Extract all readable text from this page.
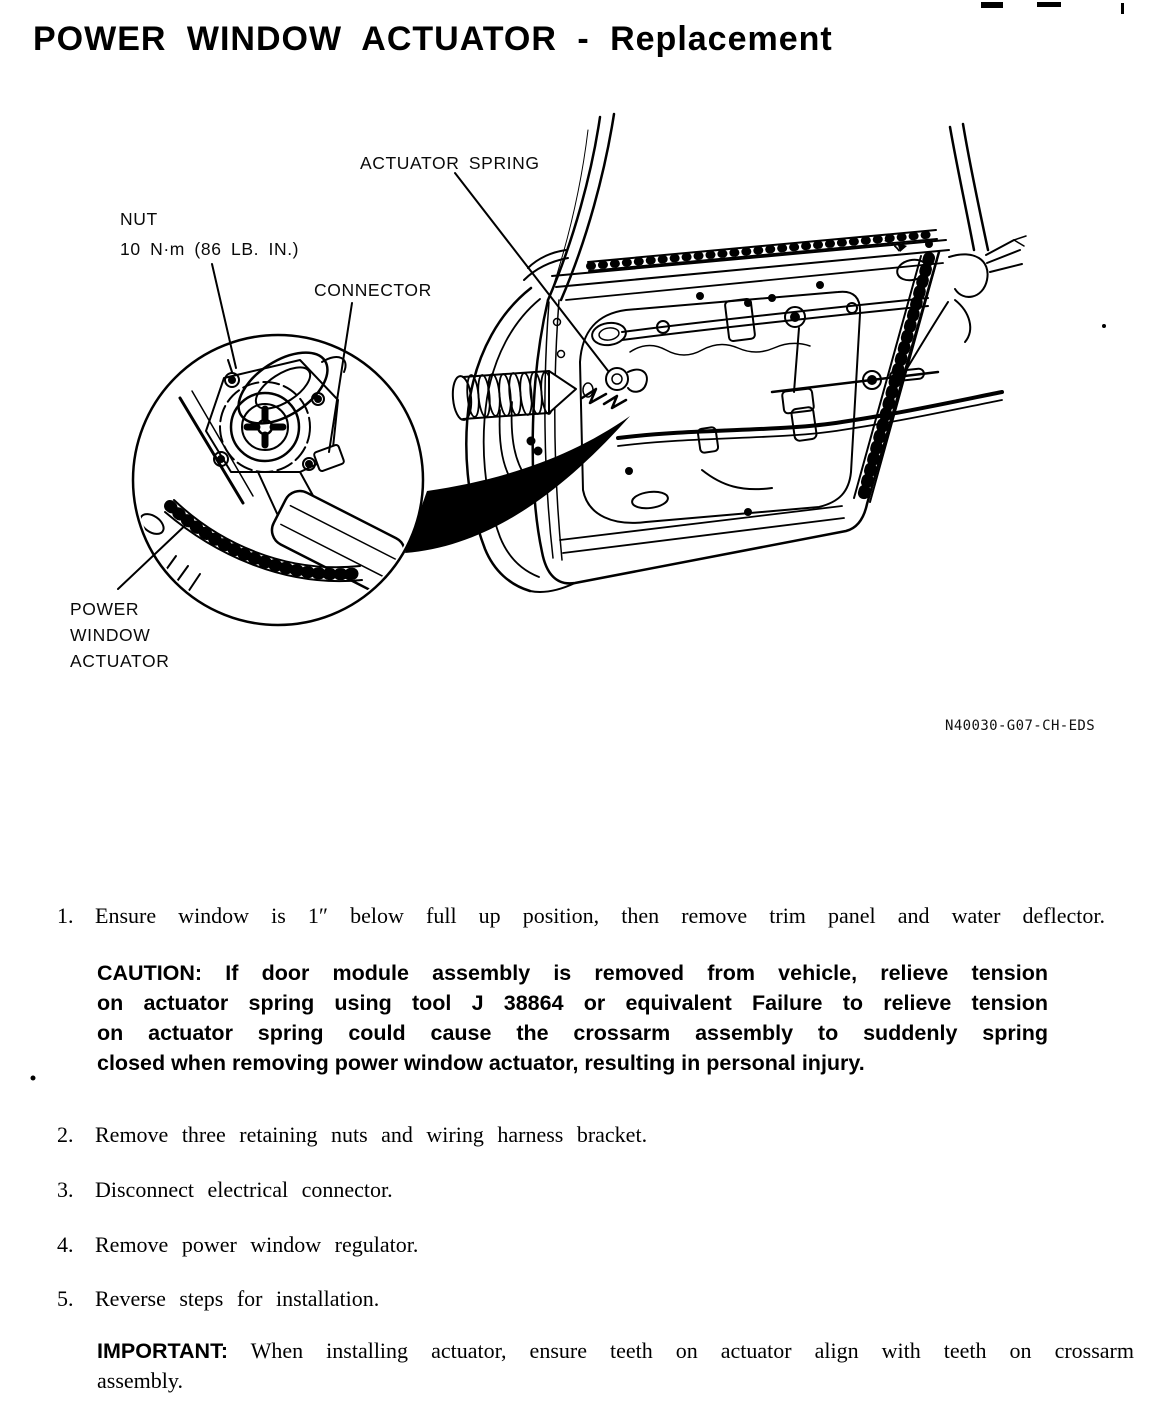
POWER WINDOW ACTUATOR - Replacement
ACTUATOR SPRING
NUT
10 N·m (86 LB. IN.)
CONNECTOR
POWER
WINDOW
ACTUATOR
N40030-G07-CH-EDS
1. Ensure window is 1″ below full up position, then remove trim panel and water deflector.
CAUTION: If door module assembly is removed from vehicle, relieve tension
on actuator spring using tool J 38864 or equivalent Failure to relieve tension
on actuator spring could cause the crossarm assembly to suddenly spring
closed when removing power window actuator, resulting in personal injury.
2. Remove three retaining nuts and wiring harness bracket.
3. Disconnect electrical connector.
4. Remove power window regulator.
5. Reverse steps for installation.
IMPORTANT: When installing actuator, ensure teeth on actuator align with teeth on crossarm
assembly.
